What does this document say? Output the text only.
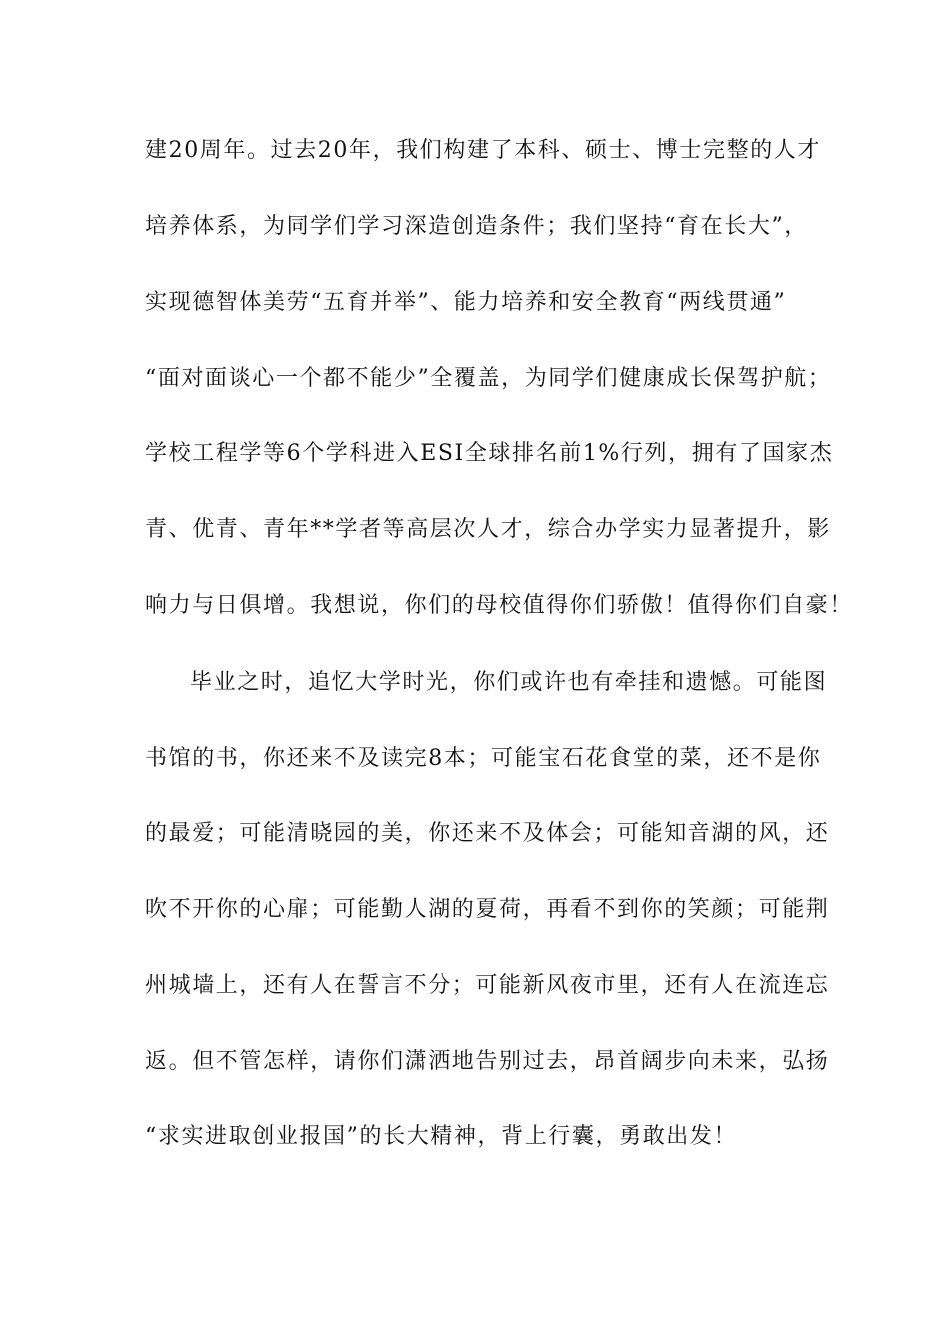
建20周年。过去20年，我们构建了本科、硕士、博士完整的人才
培养体系，为同学们学习深造创造条件；我们坚持“育在长大”，
实现德智体美劳“五育并举”、能力培养和安全教育“两线贯通”
“面对面谈心一个都不能少”全覆盖，为同学们健康成长保驾护航；
学校工程学等6个学科进入ESI全球排名前1%行列，拥有了国家杰
青、优青、青年**学者等高层次人才，综合办学实力显著提升，影
响力与日俱增。我想说，你们的母校值得你们骄傲！值得你们自豪！
毕业之时，追忆大学时光，你们或许也有牵挂和遗憾。可能图
书馆的书，你还来不及读完8本；可能宝石花食堂的菜，还不是你
的最爱；可能清晓园的美，你还来不及体会；可能知音湖的风，还
吹不开你的心扉；可能勤人湖的夏荷，再看不到你的笑颜；可能荆
州城墙上，还有人在誓言不分；可能新风夜市里，还有人在流连忘
返。但不管怎样，请你们潇洒地告别过去，昂首阔步向未来，弘扬
“求实进取创业报国”的长大精神，背上行囊，勇敢出发！
